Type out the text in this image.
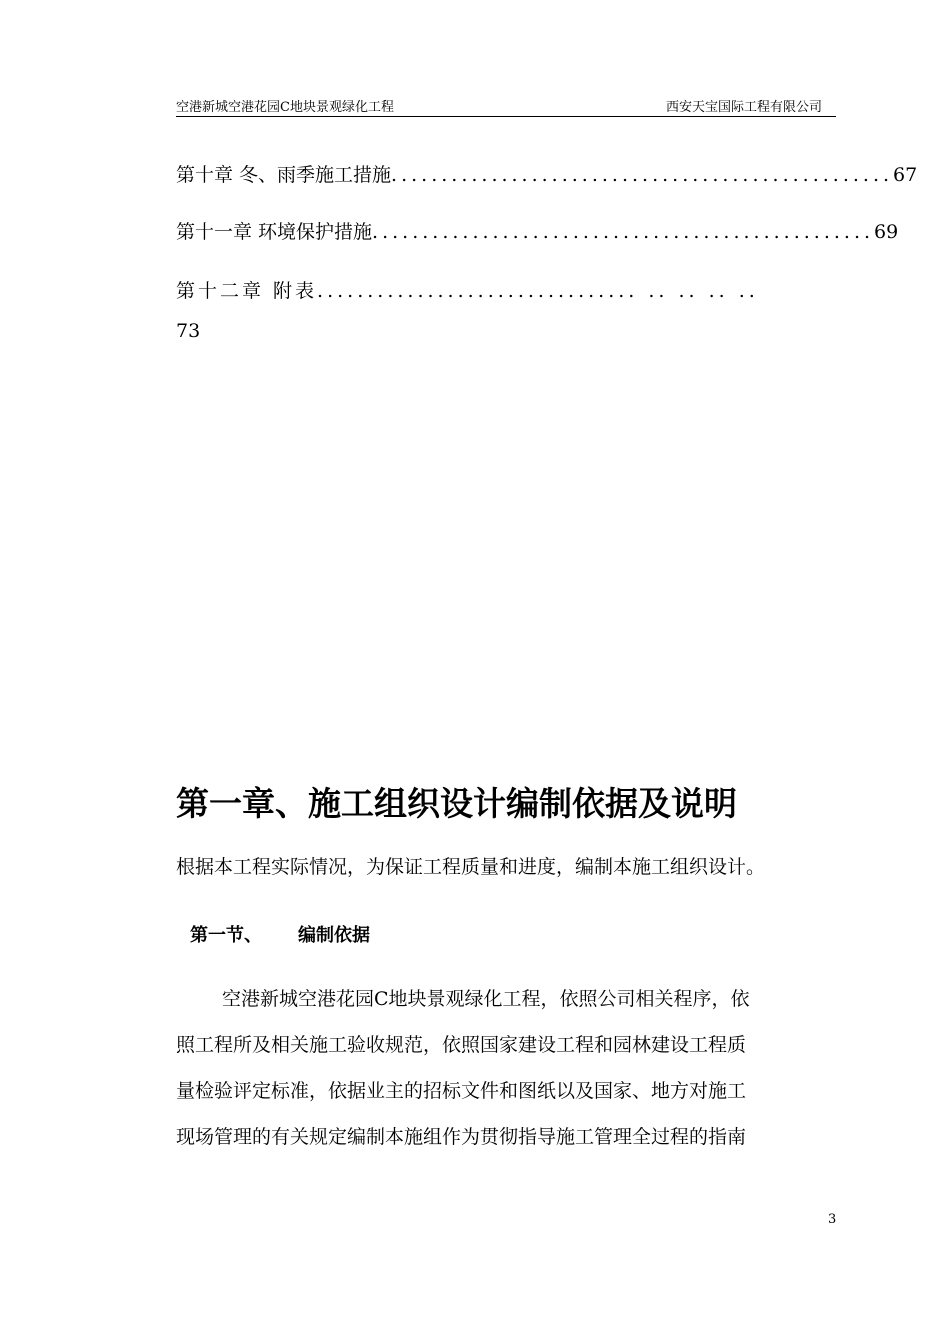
空港新城空港花园C地块景观绿化工程	西安天宝国际工程有限公司
第十章 冬、雨季施工措施 .................................................. 67
第十一章 环境保护措施 .................................................. 69
第十二章 附表 ................................ .. .. .. ..
73
第一章、施工组织设计编制依据及说明
根据本工程实际情况，为保证工程质量和进度，编制本施工组织设计。
第一节、 编制依据
空港新城空港花园C地块景观绿化工程，依照公司相关程序，依
照工程所及相关施工验收规范，依照国家建设工程和园林建设工程质
量检验评定标准，依据业主的招标文件和图纸以及国家、地方对施工
现场管理的有关规定编制本施组作为贯彻指导施工管理全过程的指南
3
